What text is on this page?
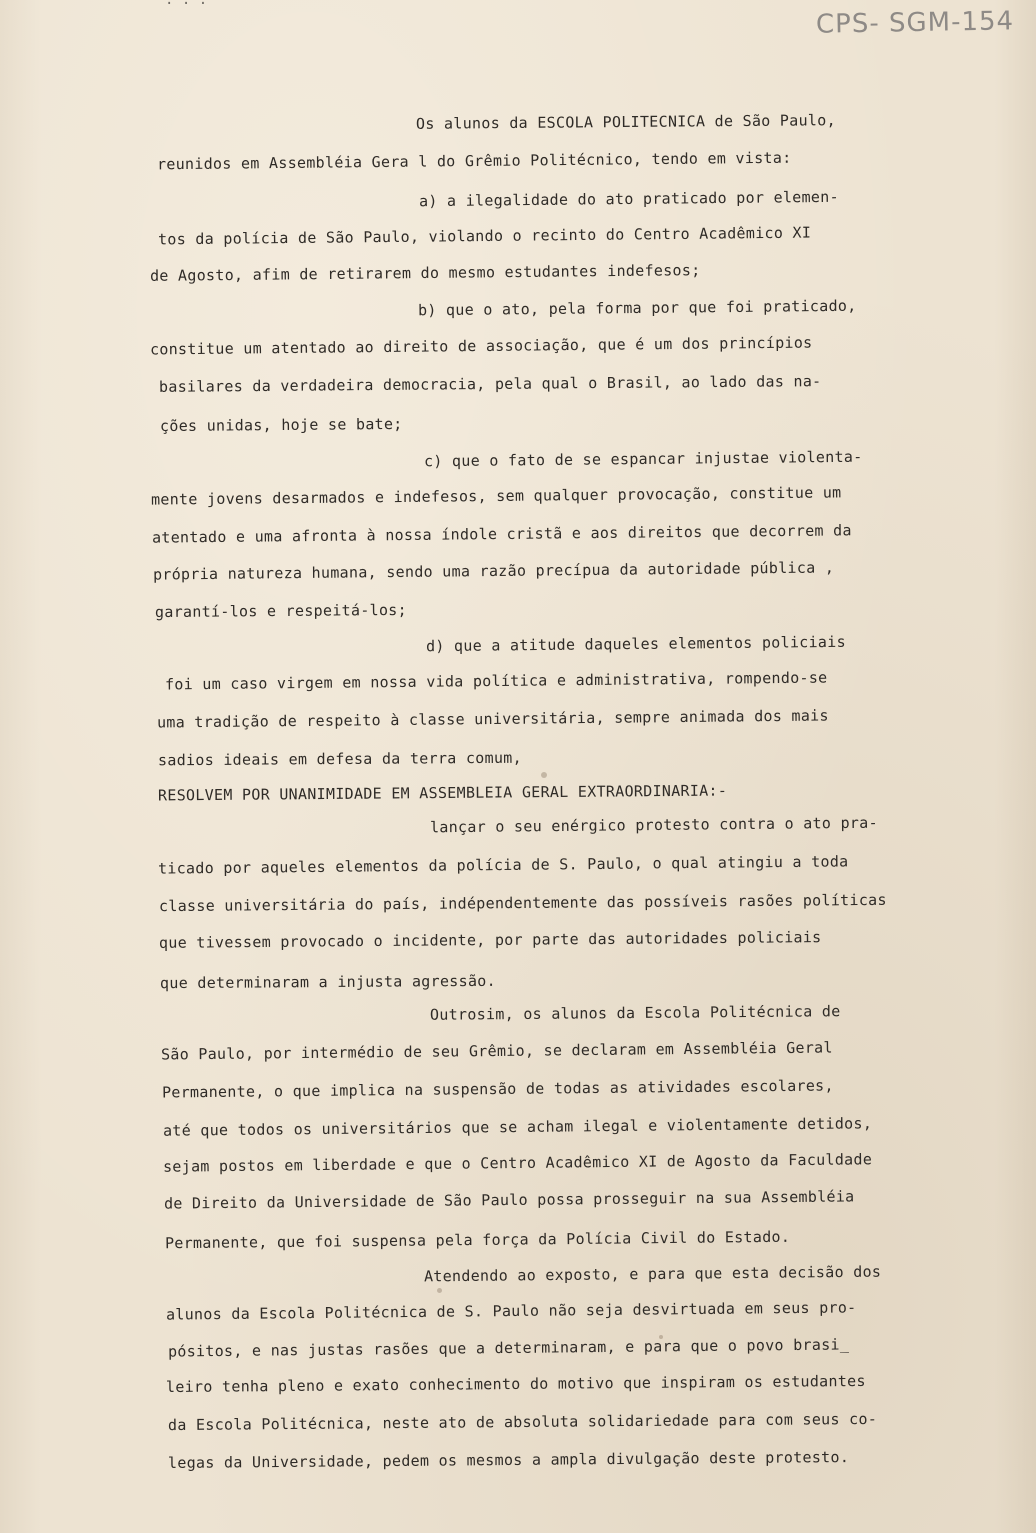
· · ·
CPS- SGM-154
Os alunos da ESCOLA POLITECNICA de São Paulo,
reunidos em Assembléia Gera l do Grêmio Politécnico, tendo em vista:
a) a ilegalidade do ato praticado por elemen-
tos da polícia de São Paulo, violando o recinto do Centro Acadêmico XI
de Agosto, afim de retirarem do mesmo estudantes indefesos;
b) que o ato, pela forma por que foi praticado,
constitue um atentado ao direito de associação, que é um dos princípios
basilares da verdadeira democracia, pela qual o Brasil, ao lado das na-
ções unidas, hoje se bate;
c) que o fato de se espancar injustae violenta-
mente jovens desarmados e indefesos, sem qualquer provocação, constitue um
atentado e uma afronta à nossa índole cristã e aos direitos que decorrem da
própria natureza humana, sendo uma razão precípua da autoridade pública ,
garantí-los e respeitá-los;
d) que a atitude daqueles elementos policiais
foi um caso virgem em nossa vida política e administrativa, rompendo-se
uma tradição de respeito à classe universitária, sempre animada dos mais
sadios ideais em defesa da terra comum,
RESOLVEM POR UNANIMIDADE EM ASSEMBLEIA GERAL EXTRAORDINARIA:-
lançar o seu enérgico protesto contra o ato pra-
ticado por aqueles elementos da polícia de S. Paulo, o qual atingiu a toda
classe universitária do país, indépendentemente das possíveis rasões políticas
que tivessem provocado o incidente, por parte das autoridades policiais
que determinaram a injusta agressão.
Outrosim, os alunos da Escola Politécnica de
São Paulo, por intermédio de seu Grêmio, se declaram em Assembléia Geral
Permanente, o que implica na suspensão de todas as atividades escolares,
até que todos os universitários que se acham ilegal e violentamente detidos,
sejam postos em liberdade e que o Centro Acadêmico XI de Agosto da Faculdade
de Direito da Universidade de São Paulo possa prosseguir na sua Assembléia
Permanente, que foi suspensa pela força da Polícia Civil do Estado.
Atendendo ao exposto, e para que esta decisão dos
alunos da Escola Politécnica de S. Paulo não seja desvirtuada em seus pro-
pósitos, e nas justas rasões que a determinaram, e para que o povo brasi_
leiro tenha pleno e exato conhecimento do motivo que inspiram os estudantes
da Escola Politécnica, neste ato de absoluta solidariedade para com seus co-
legas da Universidade, pedem os mesmos a ampla divulgação deste protesto.
